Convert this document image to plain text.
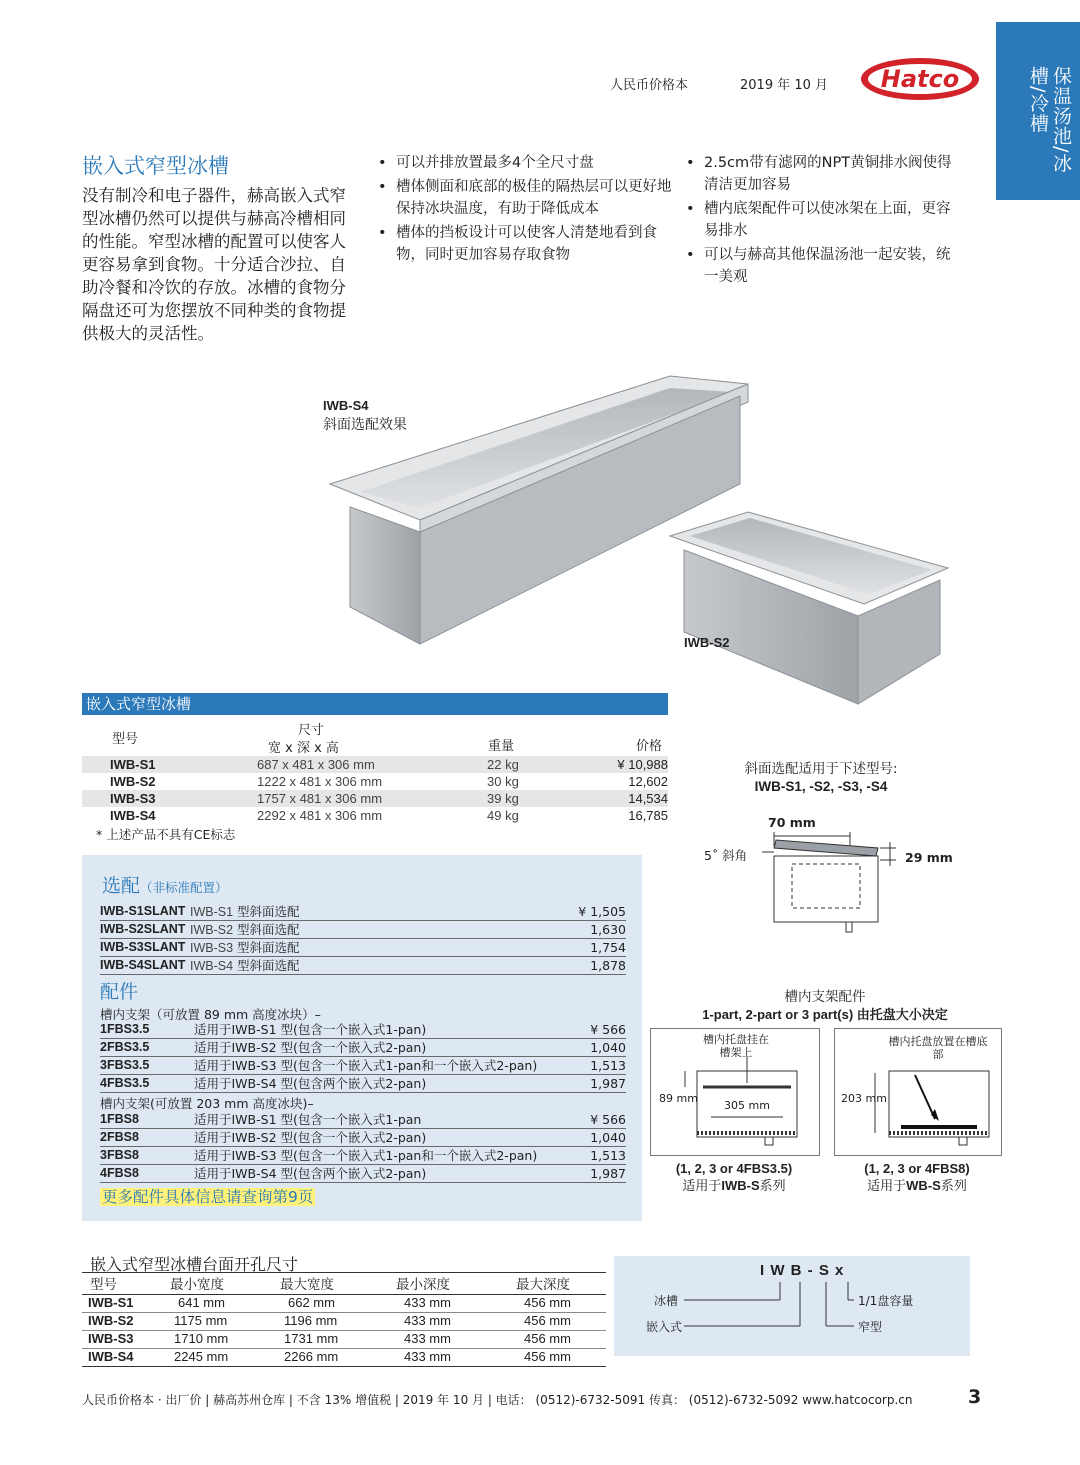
保温汤池/冰槽/冷槽
人民币价格本	2019 年 10 月 Hatco
嵌入式窄型冰槽
没有制冷和电子器件，赫高嵌入式窄型冰槽仍然可以提供与赫高冷槽相同的性能。窄型冰槽的配置可以使客人更容易拿到食物。十分适合沙拉、自助冷餐和冷饮的存放。冰槽的食物分隔盘还可为您摆放不同种类的食物提供极大的灵活性。
• 可以并排放置最多4个全尺寸盘
• 槽体侧面和底部的极佳的隔热层可以更好地保持冰块温度，有助于降低成本
• 槽体的挡板设计可以使客人清楚地看到食物，同时更加容易存取食物
• 2.5cm带有滤网的NPT黄铜排水阀使得清洁更加容易
• 槽内底架配件可以使冰架在上面，更容易排水
• 可以与赫高其他保温汤池一起安装，统一美观
IWB-S4
斜面选配效果
IWB-S2
嵌入式窄型冰槽
型号
尺寸
宽 x 深 x 高	重量	价格
IWB-S1	687 x 481 x 306 mm	22 kg	¥ 10,988
IWB-S2	1222 x 481 x 306 mm	30 kg	12,602
IWB-S3	1757 x 481 x 306 mm	39 kg	14,534
IWB-S4	2292 x 481 x 306 mm	49 kg	16,785
* 上述产品不具有CE标志
选配（非标准配置）
IWB-S1SLANT IWB-S1 型斜面选配	¥ 1,505
IWB-S2SLANT IWB-S2 型斜面选配	1,630
IWB-S3SLANT IWB-S3 型斜面选配	1,754
IWB-S4SLANT IWB-S4 型斜面选配	1,878
配件
槽内支架（可放置 89 mm 高度冰块）–
1FBS3.5	适用于IWB-S1 型(包含一个嵌入式1-pan)	¥ 566
2FBS3.5	适用于IWB-S2 型(包含一个嵌入式2-pan)	1,040
3FBS3.5	适用于IWB-S3 型(包含一个嵌入式1-pan和一个嵌入式2-pan)	1,513
4FBS3.5	适用于IWB-S4 型(包含两个嵌入式2-pan)	1,987
槽内支架(可放置 203 mm 高度冰块)–
1FBS8	适用于IWB-S1 型(包含一个嵌入式1-pan	¥ 566
2FBS8	适用于IWB-S2 型(包含一个嵌入式2-pan)	1,040
3FBS8	适用于IWB-S3 型(包含一个嵌入式1-pan和一个嵌入式2-pan)	1,513
4FBS8	适用于IWB-S4 型(包含两个嵌入式2-pan)	1,987
更多配件具体信息请查询第9页
斜面选配适用于下述型号:
IWB-S1, -S2, -S3, -S4
70 mm
29 mm
5˚ 斜角
槽内支架配件
1-part, 2-part or 3 part(s) 由托盘大小决定
槽内托盘挂在槽架上
89 mm
305 mm
槽内托盘放置在槽底部
203 mm
(1, 2, 3 or 4FBS3.5)
适用于IWB-S系列
(1, 2, 3 or 4FBS8)
适用于WB-S系列
嵌入式窄型冰槽台面开孔尺寸
型号	最小宽度	最大宽度	最小深度	最大深度
IWB-S1	641 mm	662 mm	433 mm	456 mm
IWB-S2	1175 mm	1196 mm	433 mm	456 mm
IWB-S3	1710 mm	1731 mm	433 mm	456 mm
IWB-S4	2245 mm	2266 mm	433 mm	456 mm
I W B - S x
冰槽
嵌入式
1/1盘容量
窄型
人民币价格本 · 出厂价 | 赫高苏州仓库 | 不含 13% 增值税 | 2019 年 10 月 | 电话： (0512)-6732-5091 传真： (0512)-6732-5092 www.hatcocorp.cn	3
